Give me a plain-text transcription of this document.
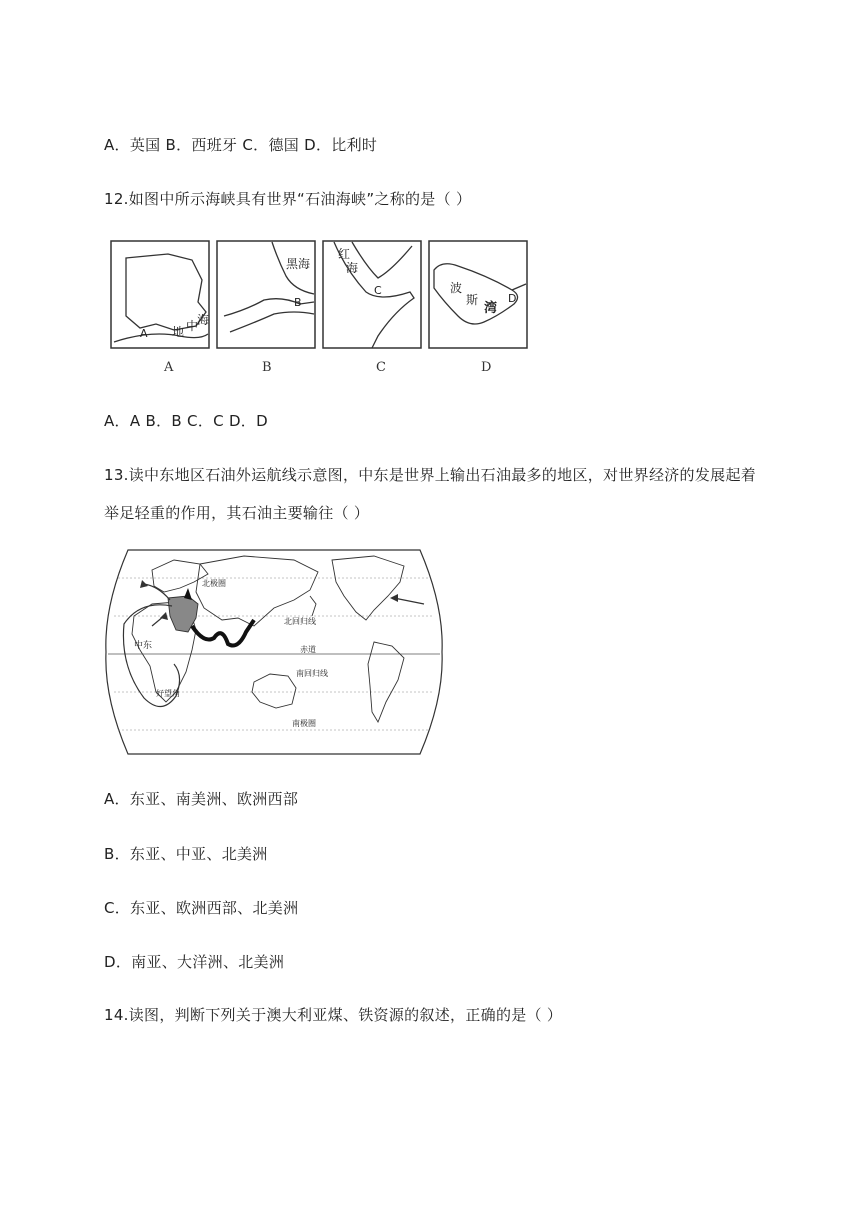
A．英国 B．西班牙 C．德国 D．比利时
12.如图中所示海峡具有世界“石油海峡”之称的是（ ）
A 地 中
海
黑海
B
红
海
C	波
斯
湾
D
A	B	C	D
A．A B．B C．C D．D
13.读中东地区石油外运航线示意图，中东是世界上输出石油最多的地区，对世界经济的发展起着
举足轻重的作用，其石油主要输往（ ）
北极圈
北回归线
赤道
南回归线
南极圈
中东
好望角
A．东亚、南美洲、欧洲西部
B．东亚、中亚、北美洲
C．东亚、欧洲西部、北美洲
D．南亚、大洋洲、北美洲
14.读图，判断下列关于澳大利亚煤、铁资源的叙述，正确的是（ ）
